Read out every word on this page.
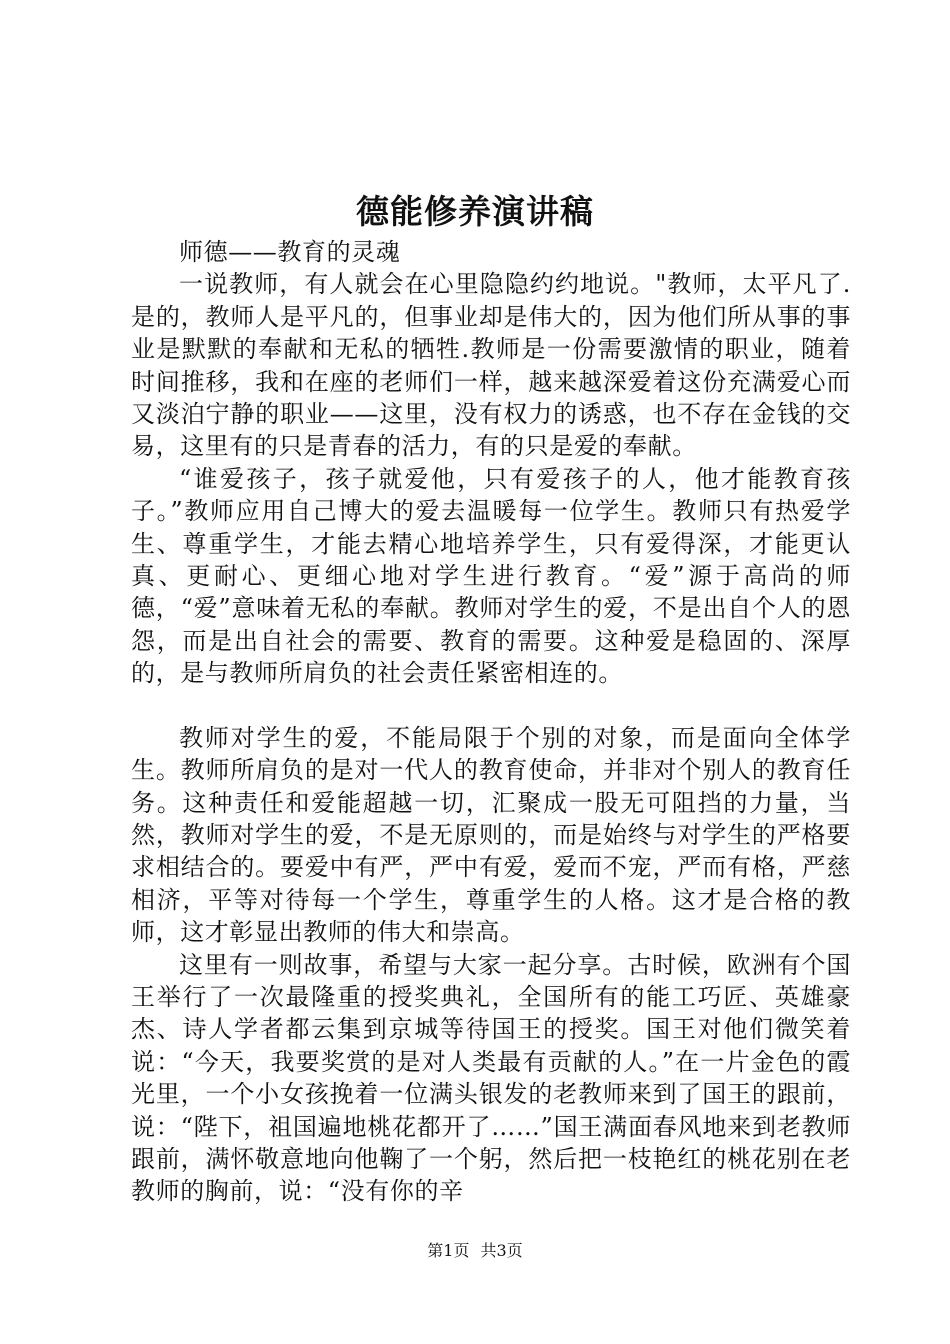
德能修养演讲稿

师德——教育的灵魂

一说教师，有人就会在心里隐隐约约地说。"教师，太平凡了.是的，教师人是平凡的，但事业却是伟大的，因为他们所从事的事业是默默的奉献和无私的牺牲.教师是一份需要激情的职业，随着时间推移，我和在座的老师们一样，越来越深爱着这份充满爱心而又淡泊宁静的职业——这里，没有权力的诱惑，也不存在金钱的交易，这里有的只是青春的活力，有的只是爱的奉献。

“谁爱孩子，孩子就爱他，只有爱孩子的人，他才能教育孩子。”教师应用自己博大的爱去温暖每一位学生。教师只有热爱学生、尊重学生，才能去精心地培养学生，只有爱得深，才能更认真、更耐心、更细心地对学生进行教育。“爱”源于高尚的师德，“爱”意味着无私的奉献。教师对学生的爱，不是出自个人的恩怨，而是出自社会的需要、教育的需要。这种爱是稳固的、深厚的，是与教师所肩负的社会责任紧密相连的。

教师对学生的爱，不能局限于个别的对象，而是面向全体学生。教师所肩负的是对一代人的教育使命，并非对个别人的教育任务。这种责任和爱能超越一切，汇聚成一股无可阻挡的力量，当然，教师对学生的爱，不是无原则的，而是始终与对学生的严格要求相结合的。要爱中有严，严中有爱，爱而不宠，严而有格，严慈相济，平等对待每一个学生，尊重学生的人格。这才是合格的教师，这才彰显出教师的伟大和崇高。

这里有一则故事，希望与大家一起分享。古时候，欧洲有个国王举行了一次最隆重的授奖典礼，全国所有的能工巧匠、英雄豪杰、诗人学者都云集到京城等待国王的授奖。国王对他们微笑着说：“今天，我要奖赏的是对人类最有贡献的人。”在一片金色的霞光里，一个小女孩挽着一位满头银发的老教师来到了国王的跟前，说：“陛下，祖国遍地桃花都开了……”国王满面春风地来到老教师跟前，满怀敬意地向他鞠了一个躬，然后把一枝艳红的桃花别在老教师的胸前，说：“没有你的辛

第1页 共3页
